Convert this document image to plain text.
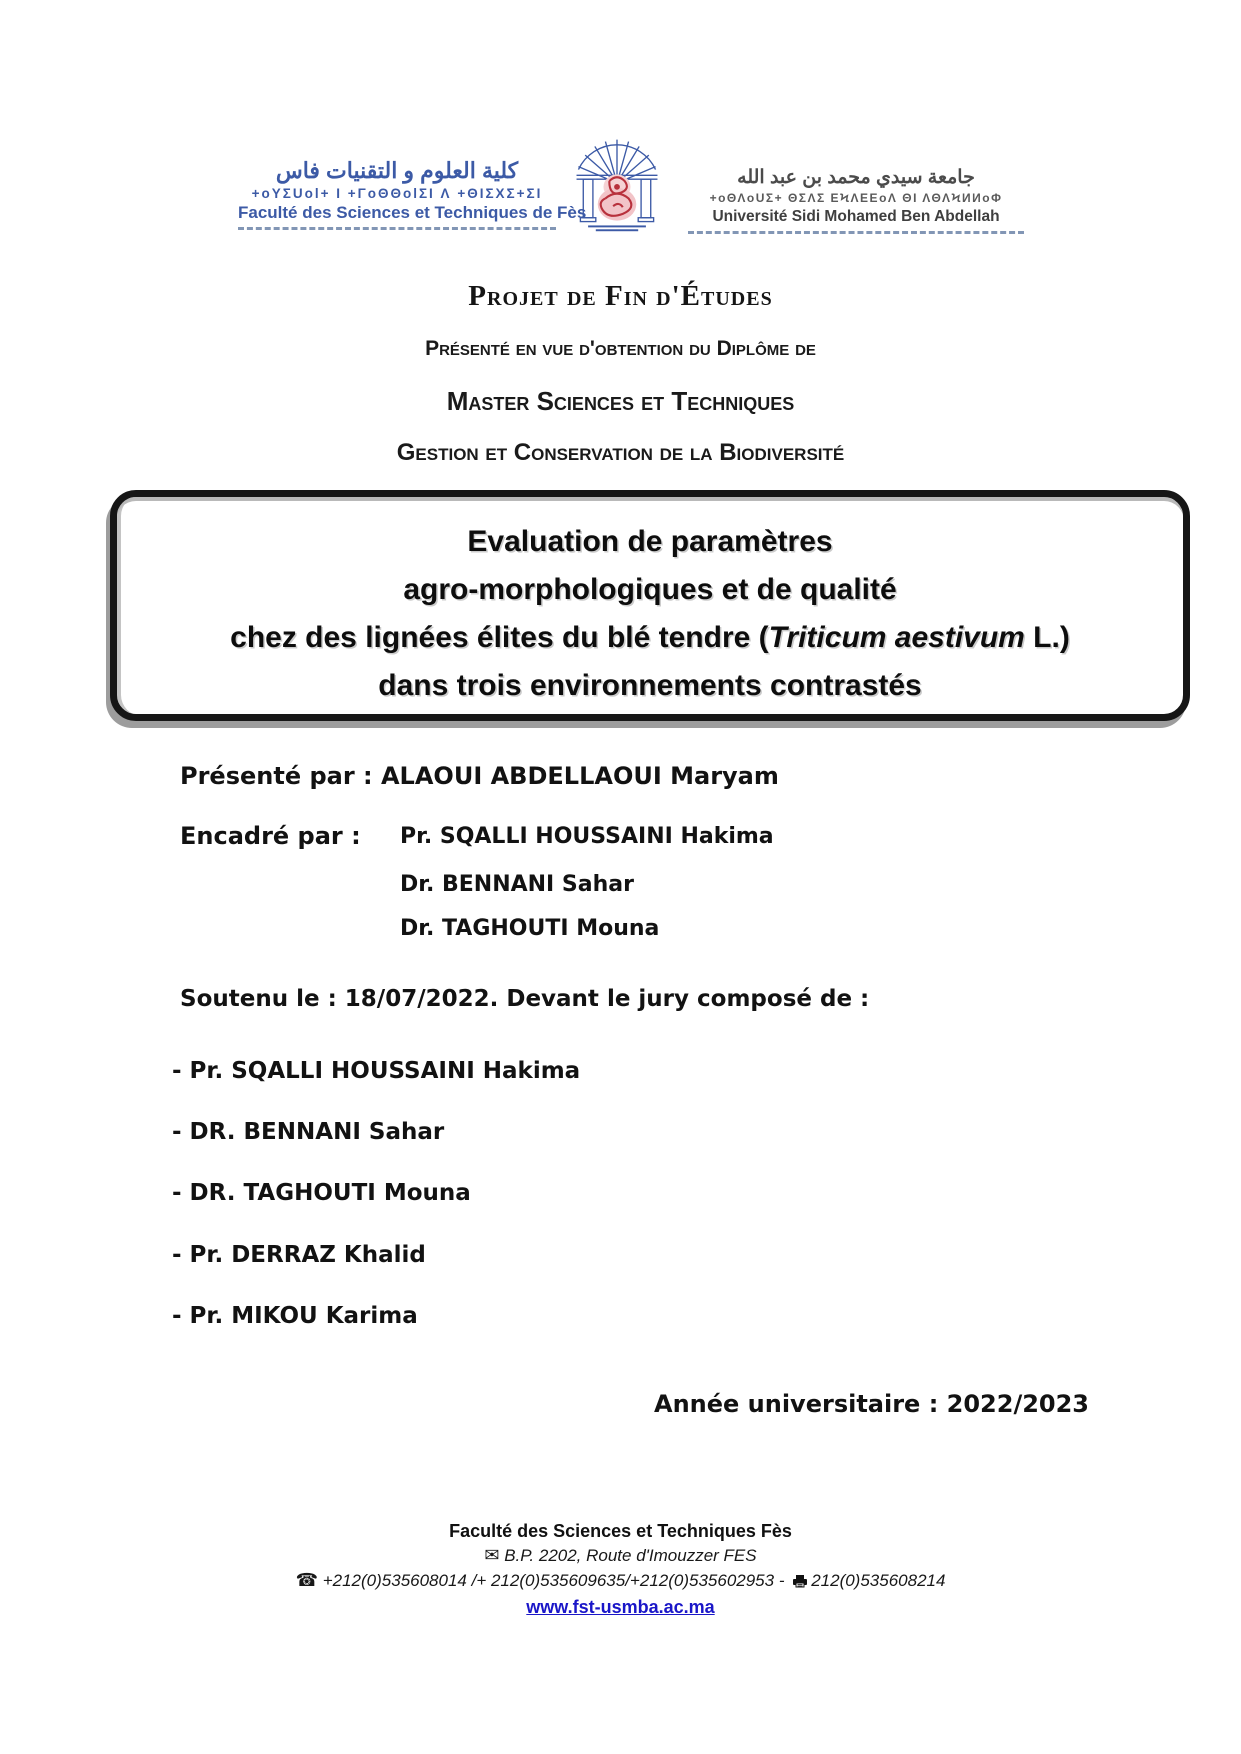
كلية العلوم و التقنيات فاس
+oYΣUol+ I +ΓoΘΘolΣI Λ +ΘIΣXΣ+ΣI
Faculté des Sciences et Techniques de Fès
جامعة سيدي محمد بن عبد الله
+oΘΛoUΣ+ ΘΣΛΣ ΕϞΛΕΕoΛ ΘΙ ΛΘΛϞИИoΦ
Université Sidi Mohamed Ben Abdellah
Projet de Fin d'Études
Présenté en vue d'obtention du Diplôme de
Master Sciences et Techniques
Gestion et Conservation de la Biodiversité
Evaluation de paramètres
agro-morphologiques et de qualité
chez des lignées élites du blé tendre (Triticum aestivum L.)
dans trois environnements contrastés
Présenté par : ALAOUI ABDELLAOUI Maryam
Encadré par : Pr. SQALLI HOUSSAINI Hakima
Dr. BENNANI Sahar
Dr. TAGHOUTI Mouna
Soutenu le : 18/07/2022. Devant le jury composé de :
- Pr. SQALLI HOUSSAINI Hakima
- DR. BENNANI Sahar
- DR. TAGHOUTI Mouna
- Pr. DERRAZ Khalid
- Pr. MIKOU Karima
Année universitaire : 2022/2023
Faculté des Sciences et Techniques Fès
✉ B.P. 2202, Route d'Imouzzer FES
☎ +212(0)535608014 /+ 212(0)535609635/+212(0)535602953 - 212(0)535608214
www.fst-usmba.ac.ma
